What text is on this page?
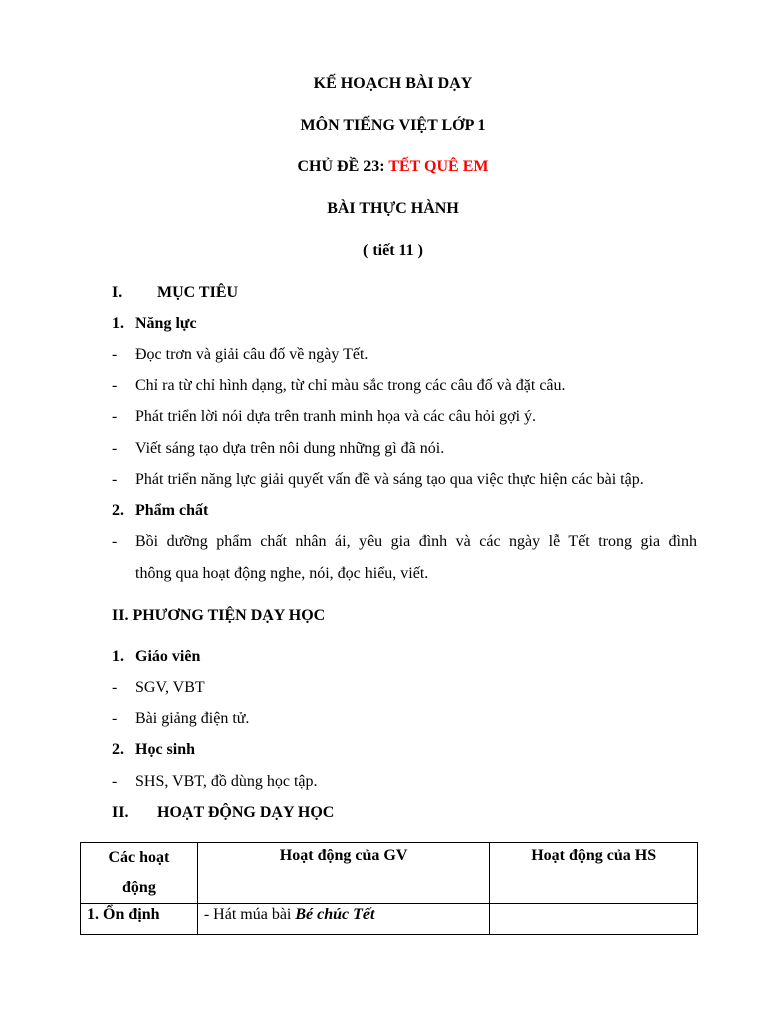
KẾ HOẠCH BÀI DẠY
MÔN TIẾNG VIỆT LỚP 1
CHỦ ĐỀ 23: TẾT QUÊ EM
BÀI THỰC HÀNH
( tiết 11 )
I. MỤC TIÊU
1. Năng lực
- Đọc trơn và giải câu đố về ngày Tết.
- Chỉ ra từ chỉ hình dạng, từ chỉ màu sắc trong các câu đố và đặt câu.
- Phát triển lời nói dựa trên tranh minh họa và các câu hỏi gợi ý.
- Viết sáng tạo dựa trên nôi dung những gì đã nói.
- Phát triển năng lực giải quyết vấn đề và sáng tạo qua việc thực hiện các bài tập.
2. Phẩm chất
- Bồi dưỡng phẩm chất nhân ái, yêu gia đình và các ngày lễ Tết trong gia đình
thông qua hoạt động nghe, nói, đọc hiểu, viết.
II. PHƯƠNG TIỆN DẠY HỌC
1. Giáo viên
- SGV, VBT
- Bài giảng điện tử.
2. Học sinh
- SHS, VBT, đồ dùng học tập.
II. HOẠT ĐỘNG DẠY HỌC
Các hoạt
động	Hoạt động của GV	Hoạt động của HS
1. Ổn định	- Hát múa bài Bé chúc Tết	
